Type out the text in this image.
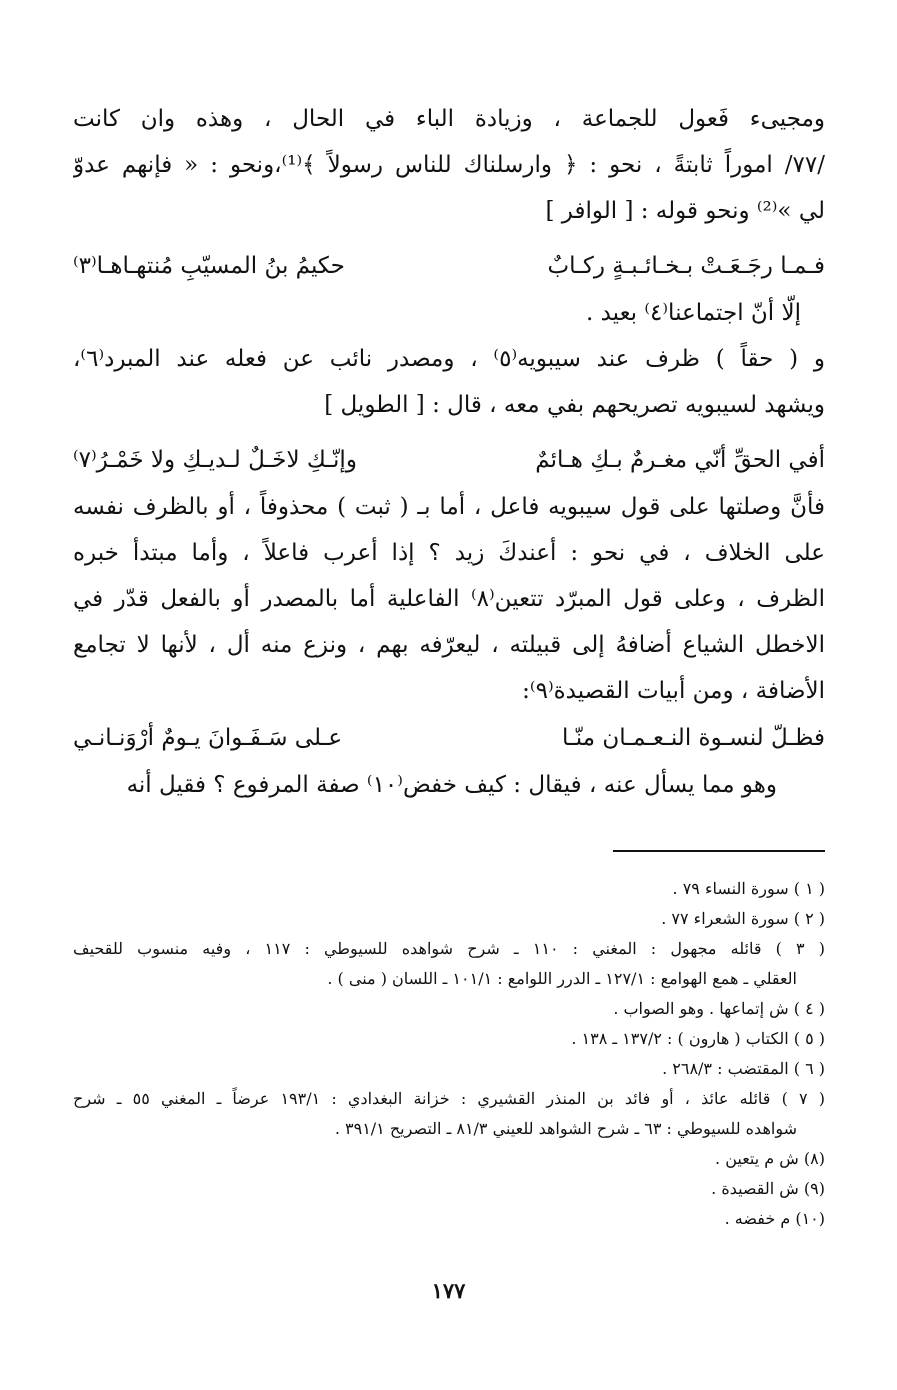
ومجيىء فَعول للجماعة ، وزيادة الباء في الحال ، وهذه وان كانت
/٧٧/ اموراً ثابتةً ، نحو : ﴿ وارسلناك للناس رسولاً ﴾⁽¹⁾،ونحو : « فإنهم عدوّ
لي »⁽²⁾ ونحو قوله : [ الوافر ]
فـمـا رجَـعَـتْ بـخـائـبـةٍ ركـابٌ
حكيمُ بنُ المسيّبِ مُنتهـاهـا⁽٣⁾
إلّا أنّ اجتماعنا⁽٤⁾ بعيد .
و ( حقاً ) ظرف عند سيبويه⁽٥⁾ ، ومصدر نائب عن فعله عند المبرد⁽٦⁾،
ويشهد لسيبويه تصريحهم بفي معه ، قال : [ الطويل ]
أفي الحقِّ أنّي مغـرمٌ بـكِ هـائمٌ
وإنّـكِ لاخَـلٌ لـديـكِ ولا خَمْـرُ⁽٧⁾
فأنَّ وصلتها على قول سيبويه فاعل ، أما بـ ( ثبت ) محذوفاً ، أو بالظرف نفسه
على الخلاف ، في نحو : أعندكَ زيد ؟ إذا أعرب فاعلاً ، وأما مبتدأ خبره
الظرف ، وعلى قول المبرّد تتعين⁽٨⁾ الفاعلية أما بالمصدر أو بالفعل قدّر في
الاخطل الشياع أضافهُ إلى قبيلته ، ليعرّفه بهم ، ونزع منه أل ، لأنها لا تجامع
الأضافة ، ومن أبيات القصيدة⁽٩⁾:
فظـلّ لنسـوة النـعـمـان منّـا
عـلى سَـفَـوانَ يـومٌ أرْوَنـانـي
وهو مما يسأل عنه ، فيقال : كيف خفض⁽١٠⁾ صفة المرفوع ؟ فقيل أنه
( ١ ) سورة النساء ٧٩ .
( ٢ ) سورة الشعراء ٧٧ .
( ٣ ) قائله مجهول : المغني : ١١٠ ـ شرح شواهده للسيوطي : ١١٧ ، وفيه منسوب للقحيف
العقلي ـ همع الهوامع : ١٢٧/١ ـ الدرر اللوامع : ١٠١/١ ـ اللسان ( منى ) .
( ٤ ) ش إتماعها . وهو الصواب .
( ٥ ) الكتاب ( هارون ) : ١٣٧/٢ ـ ١٣٨ .
( ٦ ) المقتضب : ٢٦٨/٣ .
( ٧ ) قائله عائذ ، أو فائد بن المنذر القشيري : خزانة البغدادي : ١٩٣/١ عرضاً ـ المغني ٥٥ ـ شرح
شواهده للسيوطي : ٦٣ ـ شرح الشواهد للعيني ٨١/٣ ـ التصريح ٣٩١/١ .
(٨) ش م يتعين .
(٩) ش القصيدة .
(١٠) م خفضه .
١٧٧
